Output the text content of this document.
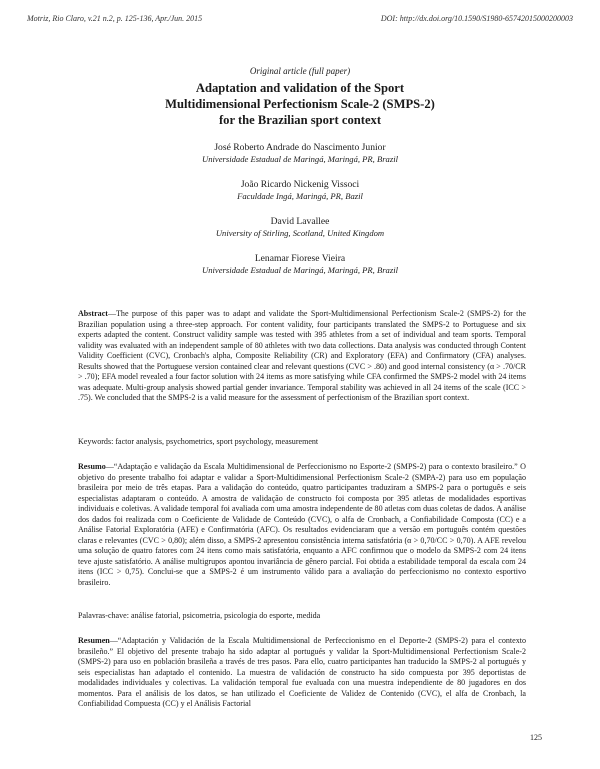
Motriz, Rio Claro, v.21 n.2, p. 125-136, Apr./Jun. 2015	DOI: http://dx.doi.org/10.1590/S1980-65742015000200003
Original article (full paper)
Adaptation and validation of the Sport
Multidimensional Perfectionism Scale-2 (SMPS-2)
for the Brazilian sport context
José Roberto Andrade do Nascimento Junior
Universidade Estadual de Maringá, Maringá, PR, Brazil
João Ricardo Nickenig Vissoci
Faculdade Ingá, Maringá, PR, Bazil
David Lavallee
University of Stirling, Scotland, United Kingdom
Lenamar Fiorese Vieira
Universidade Estadual de Maringá, Maringá, PR, Brazil

Abstract—The purpose of this paper was to adapt and validate the Sport-Multidimensional Perfectionism Scale-2 (SMPS-2) for the Brazilian population using a three-step approach. For content validity, four participants translated the SMPS-2 to Portuguese and six experts adapted the content. Construct validity sample was tested with 395 athletes from a set of individual and team sports. Temporal validity was evaluated with an independent sample of 80 athletes with two data collections. Data analysis was conducted through Content Validity Coefficient (CVC), Cronbach's alpha, Composite Reliability (CR) and Exploratory (EFA) and Confirmatory (CFA) analyses. Results showed that the Portuguese version contained clear and relevant questions (CVC > .80) and good internal consistency (α > .70/CR > .70); EFA model revealed a four factor solution with 24 items as more satisfying while CFA confirmed the SMPS-2 model with 24 items was adequate. Multi-group analysis showed partial gender invariance. Temporal stability was achieved in all 24 items of the scale (ICC > .75). We concluded that the SMPS-2 is a valid measure for the assessment of perfectionism of the Brazilian sport context.

Keywords: factor analysis, psychometrics, sport psychology, measurement

Resumo—“Adaptação e validação da Escala Multidimensional de Perfeccionismo no Esporte-2 (SMPS-2) para o contexto brasileiro.” O objetivo do presente trabalho foi adaptar e validar a Sport-Multidimensional Perfectionism Scale-2 (SMPA-2) para uso em população brasileira por meio de três etapas. Para a validação do conteúdo, quatro participantes traduziram a SMPS-2 para o português e seis especialistas adaptaram o conteúdo. A amostra de validação de constructo foi composta por 395 atletas de modalidades esportivas individuais e coletivas. A validade temporal foi avaliada com uma amostra independente de 80 atletas com duas coletas de dados. A análise dos dados foi realizada com o Coeficiente de Validade de Conteúdo (CVC), o alfa de Cronbach, a Confiabilidade Composta (CC) e a Análise Fatorial Exploratória (AFE) e Confirmatória (AFC). Os resultados evidenciaram que a versão em português contém questões claras e relevantes (CVC > 0,80); além disso, a SMPS-2 apresentou consistência interna satisfatória (α > 0,70/CC > 0,70). A AFE revelou uma solução de quatro fatores com 24 itens como mais satisfatória, enquanto a AFC confirmou que o modelo da SMPS-2 com 24 itens teve ajuste satisfatório. A análise multigrupos apontou invariância de gênero parcial. Foi obtida a estabilidade temporal da escala com 24 itens (ICC > 0,75). Conclui-se que a SMPS-2 é um instrumento válido para a avaliação do perfeccionismo no contexto esportivo brasileiro.

Palavras-chave: análise fatorial, psicometria, psicologia do esporte, medida

Resumen—“Adaptación y Validación de la Escala Multidimensional de Perfeccionismo en el Deporte-2 (SMPS-2) para el contexto brasileño.” El objetivo del presente trabajo ha sido adaptar al portugués y validar la Sport-Multidimensional Perfectionism Scale-2 (SMPS-2) para uso en población brasileña a través de tres pasos. Para ello, cuatro participantes han traducido la SMPS-2 al portugués y seis especialistas han adaptado el contenido. La muestra de validación de constructo ha sido compuesta por 395 deportistas de modalidades individuales y colectivas. La validación temporal fue evaluada con una muestra independiente de 80 jugadores en dos momentos. Para el análisis de los datos, se han utilizado el Coeficiente de Validez de Contenido (CVC), el alfa de Cronbach, la Confiabilidad Compuesta (CC) y el Análisis Factorial

125
